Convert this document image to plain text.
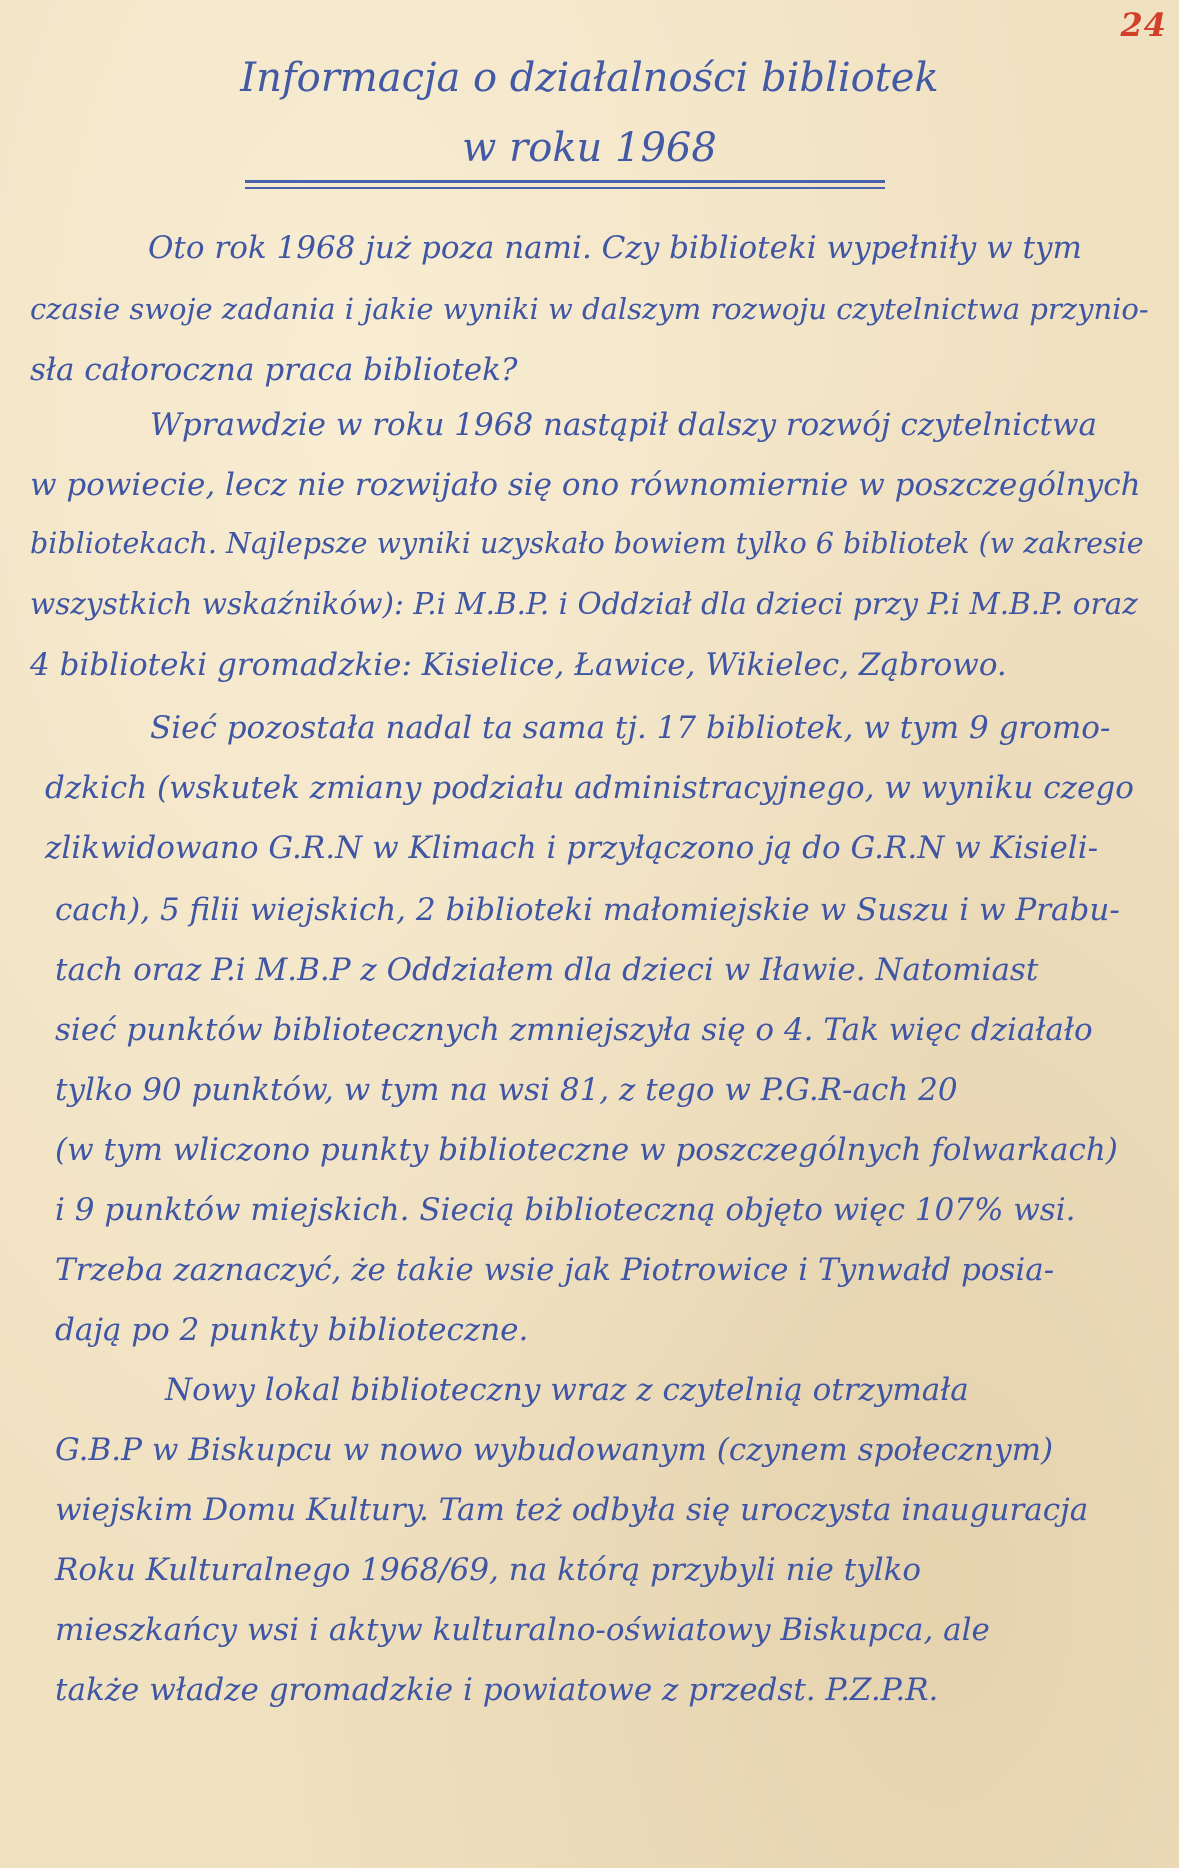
24
Informacja o działalności bibliotek
w roku 1968

Oto rok 1968 już poza nami. Czy biblioteki wypełniły w tym

czasie swoje zadania i jakie wyniki w dalszym rozwoju czytelnictwa przynio-

sła całoroczna praca bibliotek?

Wprawdzie w roku 1968 nastąpił dalszy rozwój czytelnictwa

w powiecie, lecz nie rozwijało się ono równomiernie w poszczególnych

bibliotekach. Najlepsze wyniki uzyskało bowiem tylko 6 bibliotek (w zakresie

wszystkich wskaźników): P.i M.B.P. i Oddział dla dzieci przy P.i M.B.P. oraz

4 biblioteki gromadzkie: Kisielice, Ławice, Wikielec, Ząbrowo.

Sieć pozostała nadal ta sama tj. 17 bibliotek, w tym 9 gromo-

dzkich (wskutek zmiany podziału administracyjnego, w wyniku czego

zlikwidowano G.R.N w Klimach i przyłączono ją do G.R.N w Kisieli-

cach), 5 filii wiejskich, 2 biblioteki małomiejskie w Suszu i w Prabu-

tach oraz P.i M.B.P z Oddziałem dla dzieci w Iławie. Natomiast

sieć punktów bibliotecznych zmniejszyła się o 4. Tak więc działało

tylko 90 punktów, w tym na wsi 81, z tego w P.G.R-ach 20

(w tym wliczono punkty biblioteczne w poszczególnych folwarkach)

i 9 punktów miejskich. Siecią biblioteczną objęto więc 107% wsi.

Trzeba zaznaczyć, że takie wsie jak Piotrowice i Tynwałd posia-

dają po 2 punkty biblioteczne.

Nowy lokal biblioteczny wraz z czytelnią otrzymała

G.B.P w Biskupcu w nowo wybudowanym (czynem społecznym)

wiejskim Domu Kultury. Tam też odbyła się uroczysta inauguracja

Roku Kulturalnego 1968/69, na którą przybyli nie tylko

mieszkańcy wsi i aktyw kulturalno-oświatowy Biskupca, ale

także władze gromadzkie i powiatowe z przedst. P.Z.P.R.
